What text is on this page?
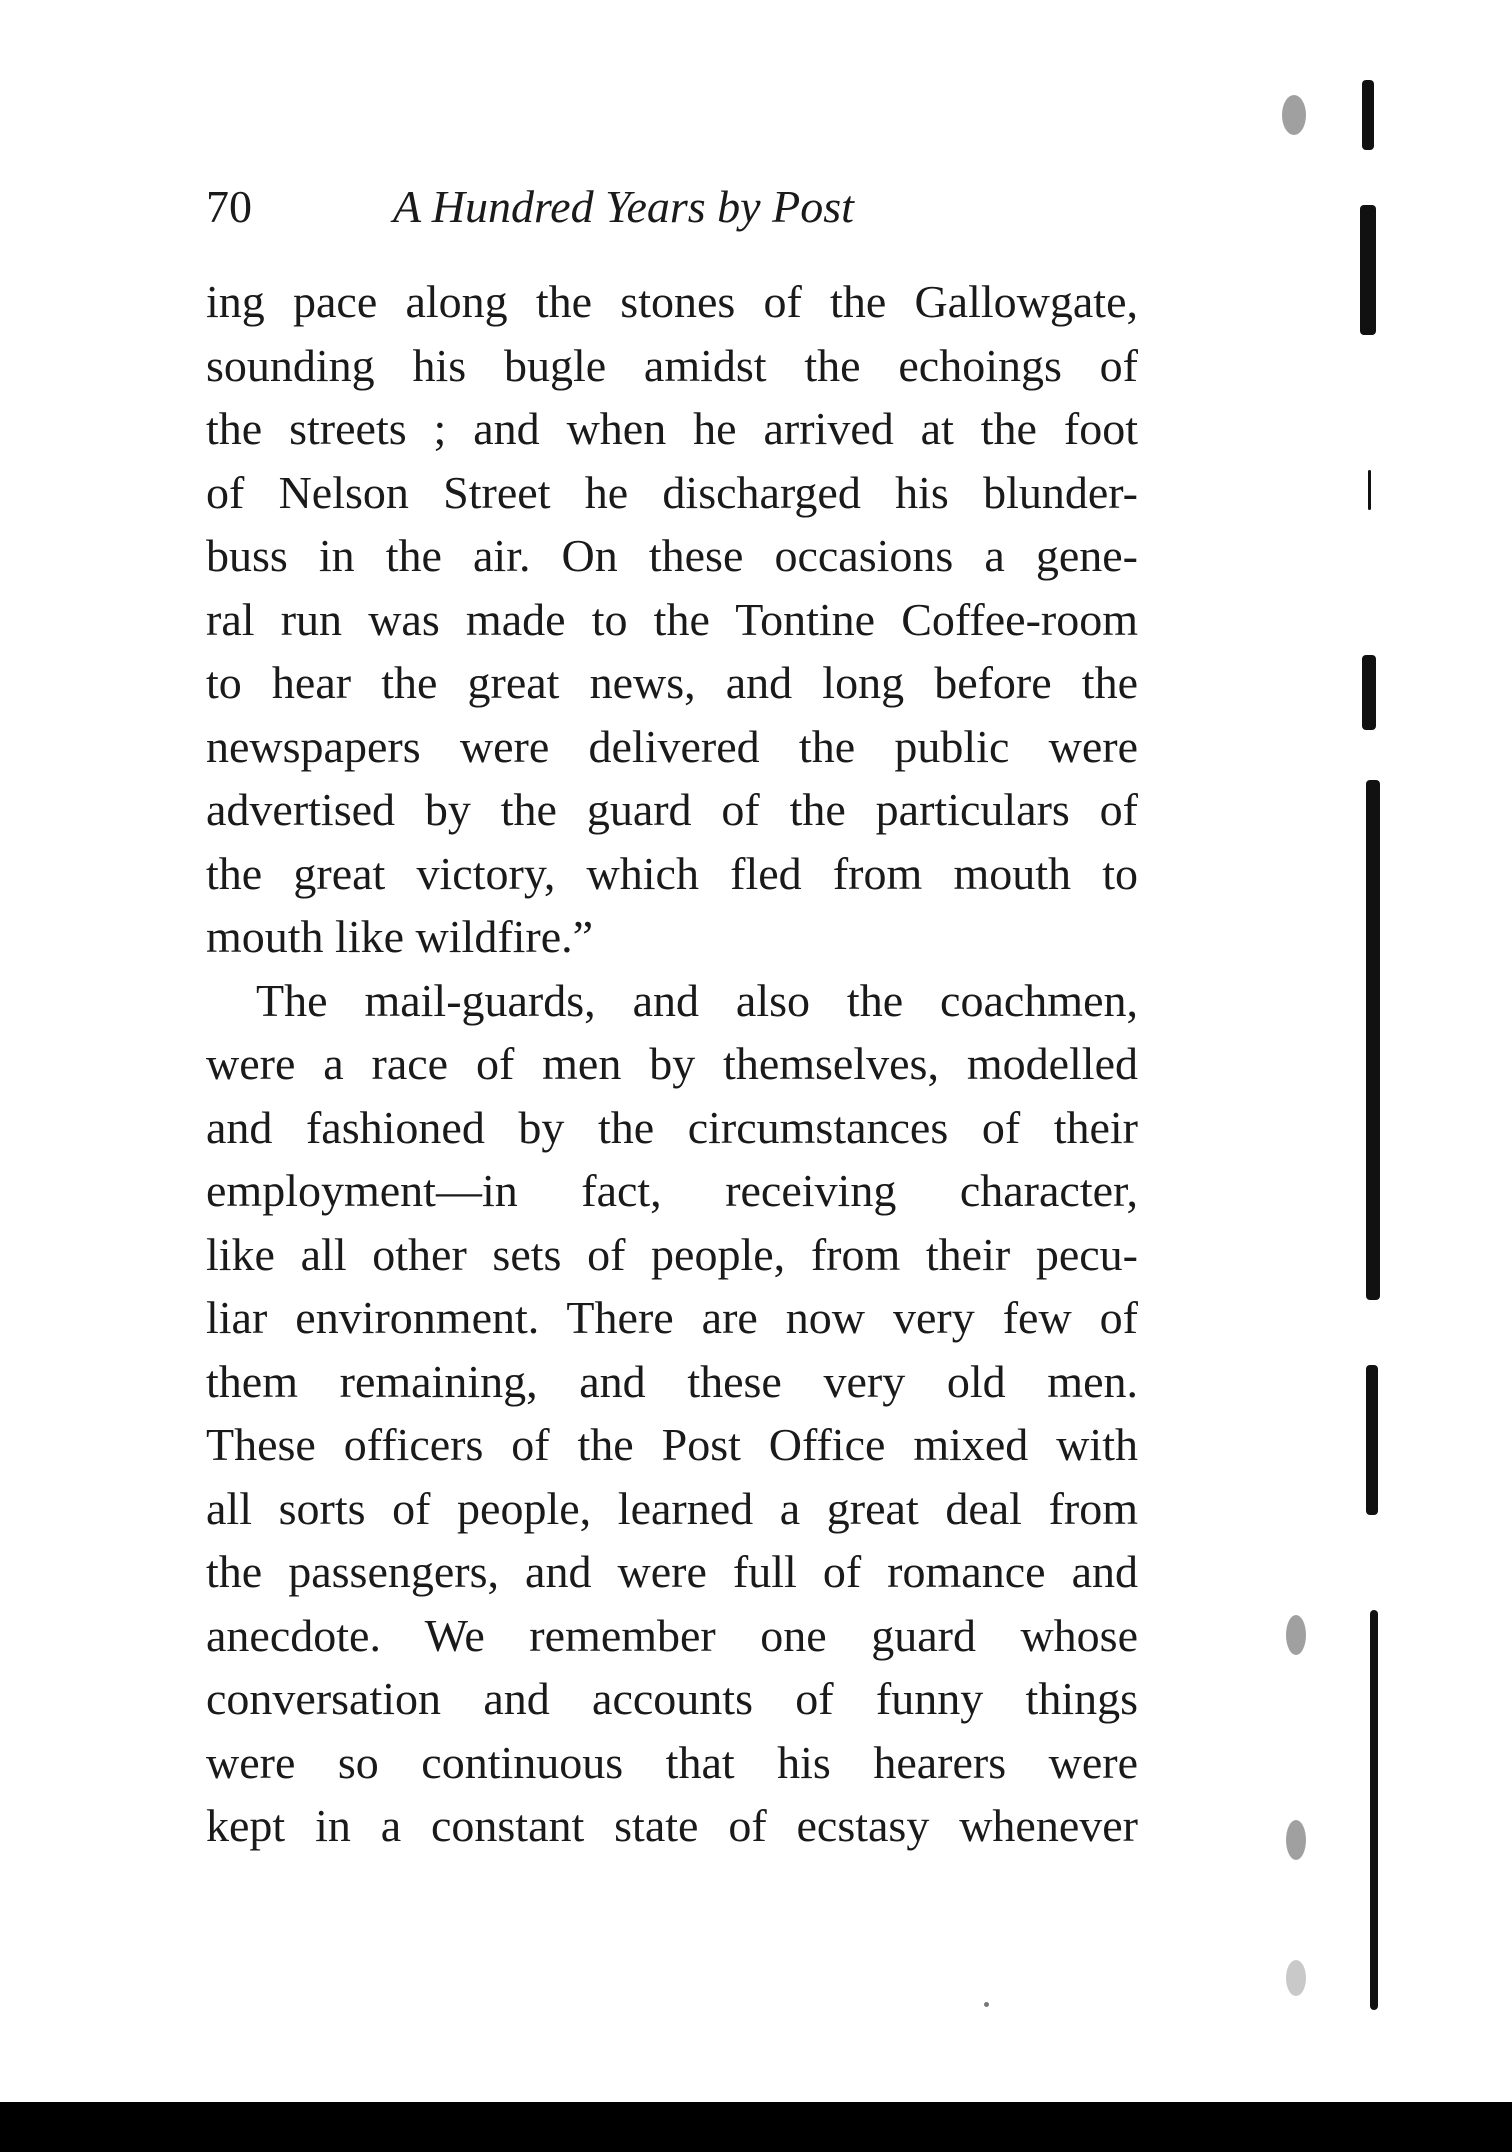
70	A Hundred Years by Post
ing pace along the stones of the Gallowgate,
sounding his bugle amidst the echoings of
the streets ; and when he arrived at the foot
of Nelson Street he discharged his blunder-
buss in the air. On these occasions a gene-
ral run was made to the Tontine Coffee-room
to hear the great news, and long before the
newspapers were delivered the public were
advertised by the guard of the particulars of
the great victory, which fled from mouth to
mouth like wildfire.”
The mail-guards, and also the coachmen,
were a race of men by themselves, modelled
and fashioned by the circumstances of their
employment—in fact, receiving character,
like all other sets of people, from their pecu-
liar environment. There are now very few of
them remaining, and these very old men.
These officers of the Post Office mixed with
all sorts of people, learned a great deal from
the passengers, and were full of romance and
anecdote. We remember one guard whose
conversation and accounts of funny things
were so continuous that his hearers were
kept in a constant state of ecstasy whenever
